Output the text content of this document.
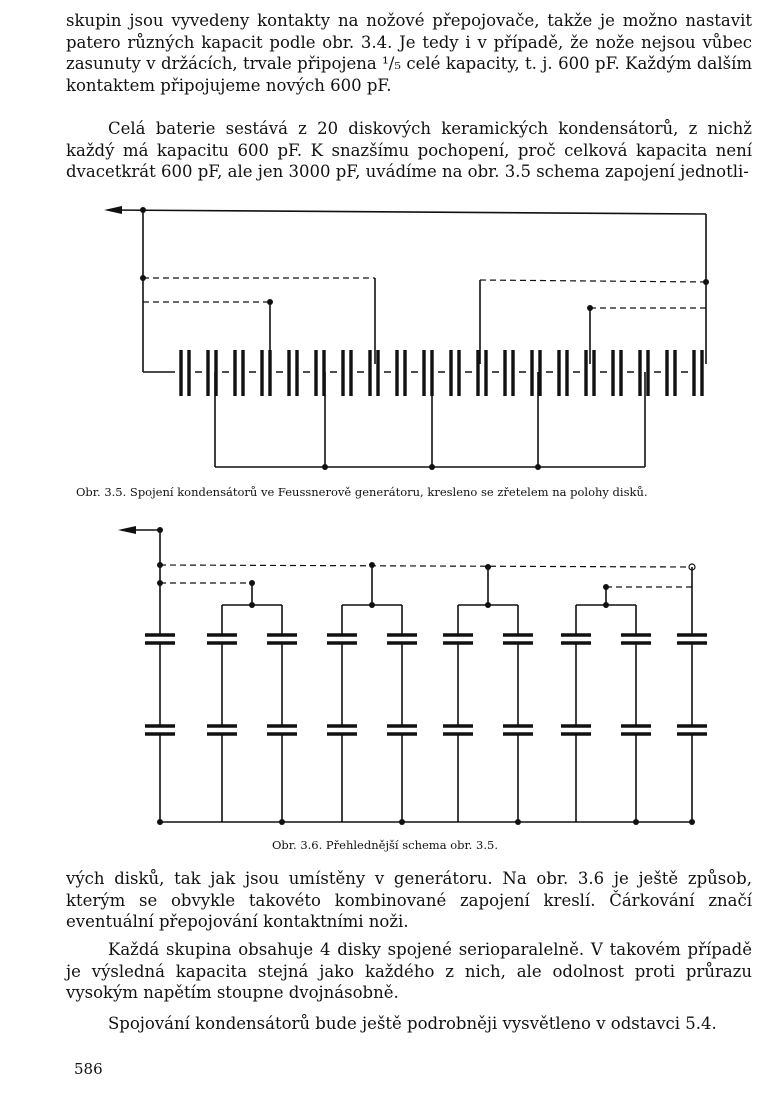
skupin jsou vyvedeny kontakty na nožové přepojovače, takže je možno nastavit patero různých kapacit podle obr. 3.4. Je tedy i v případě, že nože nejsou vůbec zasunuty v držácích, trvale připojena ¹/₅ celé kapacity, t. j. 600 pF. Každým dalším kontaktem připojujeme nových 600 pF.

Celá baterie sestává z 20 diskových keramických kondensátorů, z nichž každý má kapacitu 600 pF. K snazšímu pochopení, proč celková kapacita není dvacetkrát 600 pF, ale jen 3000 pF, uvádíme na obr. 3.5 schema zapojení jednotli-

Obr. 3.5. Spojení kondensátorů ve Feussnerově generátoru, kresleno se zřetelem na polohy disků.

Obr. 3.6. Přehlednější schema obr. 3.5.

vých disků, tak jak jsou umístěny v generátoru. Na obr. 3.6 je ještě způsob, kterým se obvykle takovéto kombinované zapojení kreslí. Čárkování značí eventuální přepojování kontaktními noži.

Každá skupina obsahuje 4 disky spojené serioparalelně. V takovém případě je výsledná kapacita stejná jako každého z nich, ale odolnost proti průrazu vysokým napětím stoupne dvojnásobně.

Spojování kondensátorů bude ještě podrobněji vysvětleno v odstavci 5.4.

586
